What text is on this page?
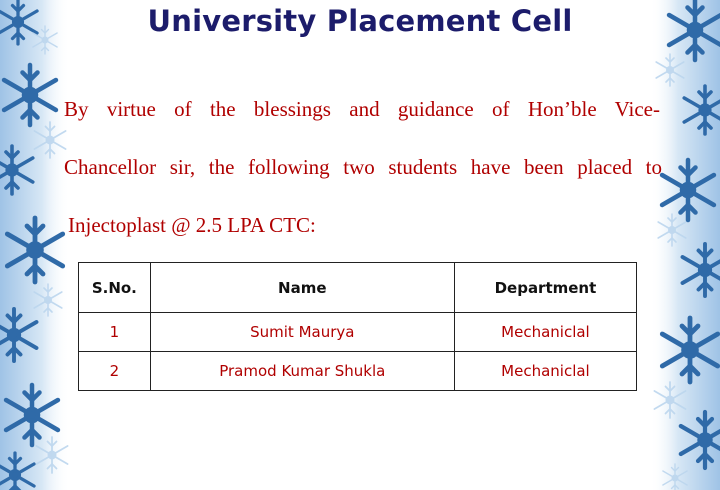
University Placement Cell
By virtue of the blessings and guidance of Hon’ble Vice-
Chancellor sir, the following two students have been placed to
Injectoplast @ 2.5 LPA CTC:
S.No.	Name	Department
1	Sumit Maurya	Mechaniclal
2	Pramod Kumar Shukla	Mechaniclal
